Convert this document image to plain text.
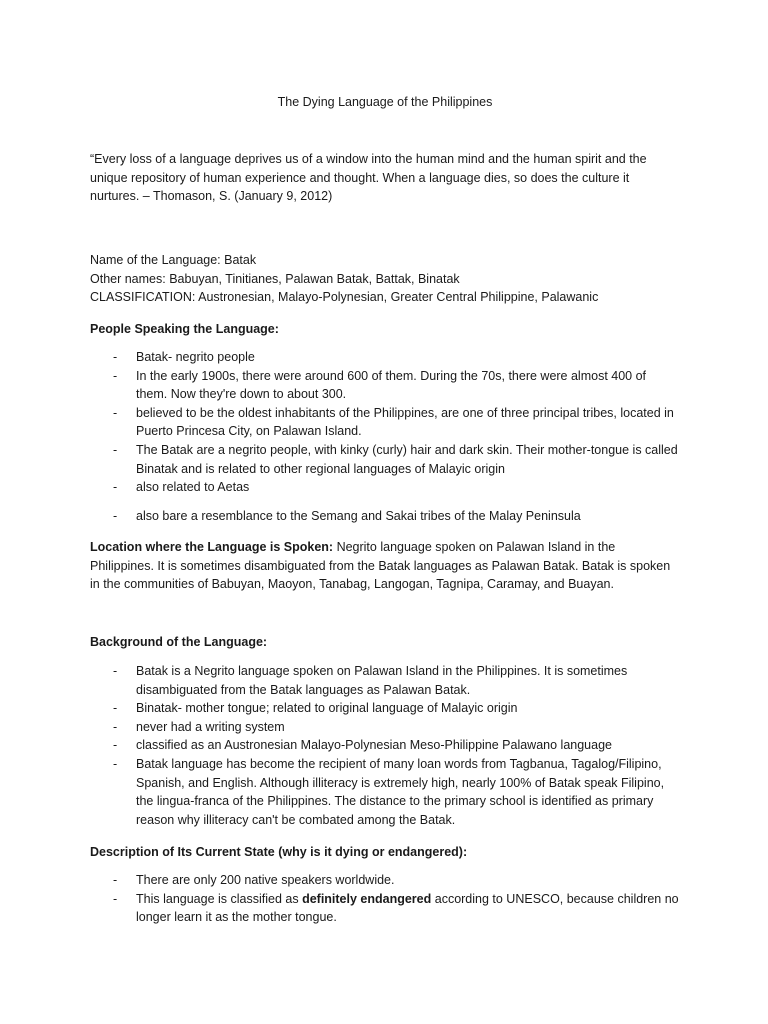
The Dying Language of the Philippines

“Every loss of a language deprives us of a window into the human mind and the human spirit and the unique repository of human experience and thought. When a language dies, so does the culture it nurtures. – Thomason, S. (January 9, 2012)

Name of the Language: Batak

Other names: Babuyan, Tinitianes, Palawan Batak, Battak, Binatak

CLASSIFICATION: Austronesian, Malayo-Polynesian, Greater Central Philippine, Palawanic

People Speaking the Language:
- Batak- negrito people
- In the early 1900s, there were around 600 of them. During the 70s, there were almost 400 of them. Now they're down to about 300.
- believed to be the oldest inhabitants of the Philippines, are one of three principal tribes, located in Puerto Princesa City, on Palawan Island.
- The Batak are a negrito people, with kinky (curly) hair and dark skin. Their mother-tongue is called Binatak and is related to other regional languages of Malayic origin
- also related to Aetas
- also bare a resemblance to the Semang and Sakai tribes of the Malay Peninsula

Location where the Language is Spoken: Negrito language spoken on Palawan Island in the Philippines. It is sometimes disambiguated from the Batak languages as Palawan Batak. Batak is spoken in the communities of Babuyan, Maoyon, Tanabag, Langogan, Tagnipa, Caramay, and Buayan.

Background of the Language:
- Batak is a Negrito language spoken on Palawan Island in the Philippines. It is sometimes disambiguated from the Batak languages as Palawan Batak.
- Binatak- mother tongue; related to original language of Malayic origin
- never had a writing system
- classified as an Austronesian Malayo-Polynesian Meso-Philippine Palawano language
- Batak language has become the recipient of many loan words from Tagbanua, Tagalog/Filipino, Spanish, and English. Although illiteracy is extremely high, nearly 100% of Batak speak Filipino, the lingua-franca of the Philippines. The distance to the primary school is identified as primary reason why illiteracy can't be combated among the Batak.
Description of Its Current State (why is it dying or endangered):
- There are only 200 native speakers worldwide.
- This language is classified as definitely endangered according to UNESCO, because children no longer learn it as the mother tongue.
